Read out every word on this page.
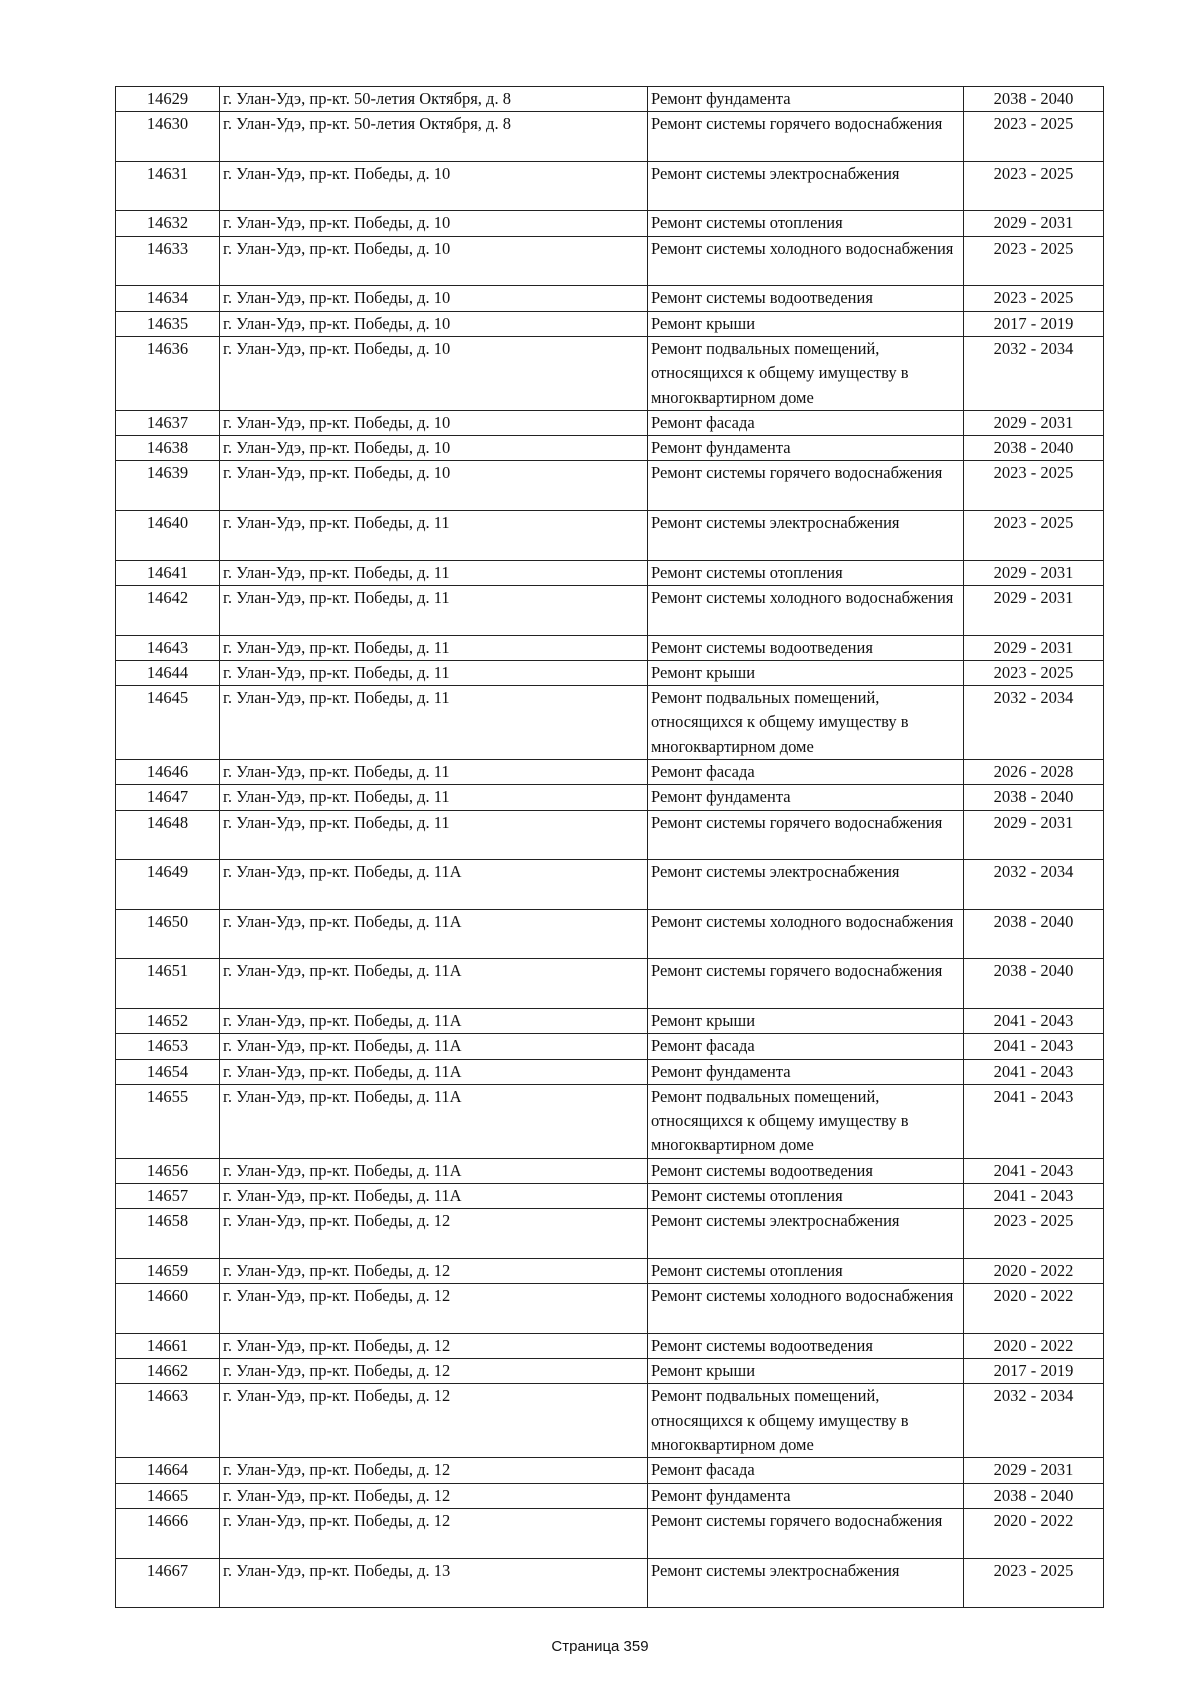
14629	г. Улан-Удэ, пр-кт. 50-летия Октября, д. 8	Ремонт фундамента	2038 - 2040
14630	г. Улан-Удэ, пр-кт. 50-летия Октября, д. 8	Ремонт системы горячего водоснабжения	2023 - 2025
14631	г. Улан-Удэ, пр-кт. Победы, д. 10	Ремонт системы электроснабжения	2023 - 2025
14632	г. Улан-Удэ, пр-кт. Победы, д. 10	Ремонт системы отопления	2029 - 2031
14633	г. Улан-Удэ, пр-кт. Победы, д. 10	Ремонт системы холодного водоснабжения	2023 - 2025
14634	г. Улан-Удэ, пр-кт. Победы, д. 10	Ремонт системы водоотведения	2023 - 2025
14635	г. Улан-Удэ, пр-кт. Победы, д. 10	Ремонт крыши	2017 - 2019
14636	г. Улан-Удэ, пр-кт. Победы, д. 10	Ремонт подвальных помещений, относящихся к общему имуществу в многоквартирном доме	2032 - 2034
14637	г. Улан-Удэ, пр-кт. Победы, д. 10	Ремонт фасада	2029 - 2031
14638	г. Улан-Удэ, пр-кт. Победы, д. 10	Ремонт фундамента	2038 - 2040
14639	г. Улан-Удэ, пр-кт. Победы, д. 10	Ремонт системы горячего водоснабжения	2023 - 2025
14640	г. Улан-Удэ, пр-кт. Победы, д. 11	Ремонт системы электроснабжения	2023 - 2025
14641	г. Улан-Удэ, пр-кт. Победы, д. 11	Ремонт системы отопления	2029 - 2031
14642	г. Улан-Удэ, пр-кт. Победы, д. 11	Ремонт системы холодного водоснабжения	2029 - 2031
14643	г. Улан-Удэ, пр-кт. Победы, д. 11	Ремонт системы водоотведения	2029 - 2031
14644	г. Улан-Удэ, пр-кт. Победы, д. 11	Ремонт крыши	2023 - 2025
14645	г. Улан-Удэ, пр-кт. Победы, д. 11	Ремонт подвальных помещений, относящихся к общему имуществу в многоквартирном доме	2032 - 2034
14646	г. Улан-Удэ, пр-кт. Победы, д. 11	Ремонт фасада	2026 - 2028
14647	г. Улан-Удэ, пр-кт. Победы, д. 11	Ремонт фундамента	2038 - 2040
14648	г. Улан-Удэ, пр-кт. Победы, д. 11	Ремонт системы горячего водоснабжения	2029 - 2031
14649	г. Улан-Удэ, пр-кт. Победы, д. 11А	Ремонт системы электроснабжения	2032 - 2034
14650	г. Улан-Удэ, пр-кт. Победы, д. 11А	Ремонт системы холодного водоснабжения	2038 - 2040
14651	г. Улан-Удэ, пр-кт. Победы, д. 11А	Ремонт системы горячего водоснабжения	2038 - 2040
14652	г. Улан-Удэ, пр-кт. Победы, д. 11А	Ремонт крыши	2041 - 2043
14653	г. Улан-Удэ, пр-кт. Победы, д. 11А	Ремонт фасада	2041 - 2043
14654	г. Улан-Удэ, пр-кт. Победы, д. 11А	Ремонт фундамента	2041 - 2043
14655	г. Улан-Удэ, пр-кт. Победы, д. 11А	Ремонт подвальных помещений, относящихся к общему имуществу в многоквартирном доме	2041 - 2043
14656	г. Улан-Удэ, пр-кт. Победы, д. 11А	Ремонт системы водоотведения	2041 - 2043
14657	г. Улан-Удэ, пр-кт. Победы, д. 11А	Ремонт системы отопления	2041 - 2043
14658	г. Улан-Удэ, пр-кт. Победы, д. 12	Ремонт системы электроснабжения	2023 - 2025
14659	г. Улан-Удэ, пр-кт. Победы, д. 12	Ремонт системы отопления	2020 - 2022
14660	г. Улан-Удэ, пр-кт. Победы, д. 12	Ремонт системы холодного водоснабжения	2020 - 2022
14661	г. Улан-Удэ, пр-кт. Победы, д. 12	Ремонт системы водоотведения	2020 - 2022
14662	г. Улан-Удэ, пр-кт. Победы, д. 12	Ремонт крыши	2017 - 2019
14663	г. Улан-Удэ, пр-кт. Победы, д. 12	Ремонт подвальных помещений, относящихся к общему имуществу в многоквартирном доме	2032 - 2034
14664	г. Улан-Удэ, пр-кт. Победы, д. 12	Ремонт фасада	2029 - 2031
14665	г. Улан-Удэ, пр-кт. Победы, д. 12	Ремонт фундамента	2038 - 2040
14666	г. Улан-Удэ, пр-кт. Победы, д. 12	Ремонт системы горячего водоснабжения	2020 - 2022
14667	г. Улан-Удэ, пр-кт. Победы, д. 13	Ремонт системы электроснабжения	2023 - 2025
Страница 359
